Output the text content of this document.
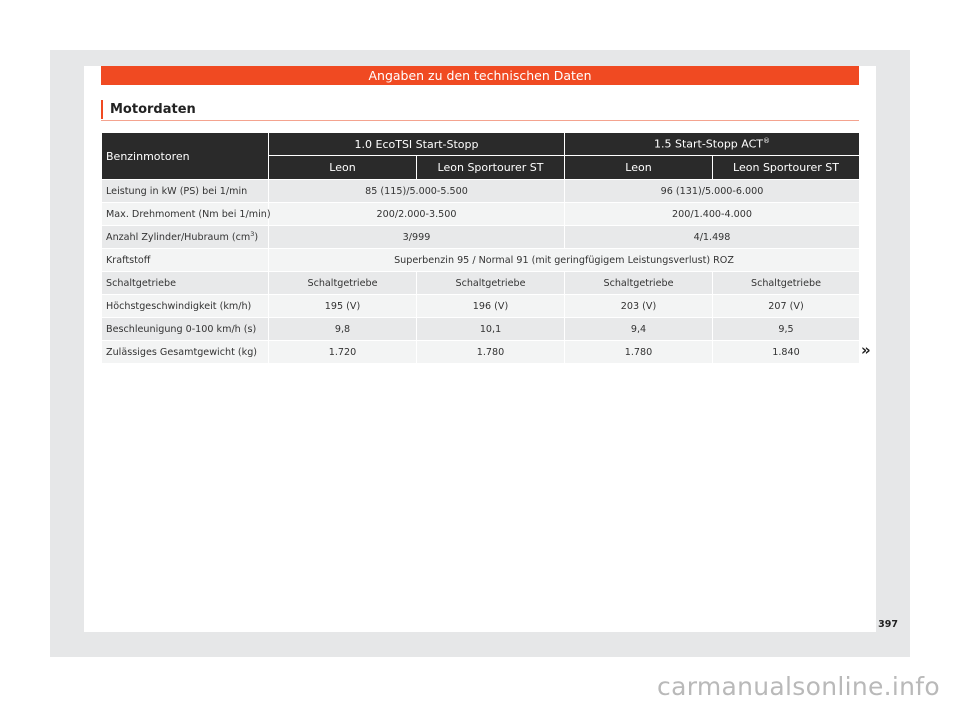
Angaben zu den technischen Daten
Motordaten
Benzinmotoren	1.0 EcoTSI Start-Stopp		1.5 Start-Stopp ACT®
	Leon	Leon Sportourer ST	Leon	Leon Sportourer ST
Leistung in kW (PS) bei 1/min	85 (115)/5.000-5.500		96 (131)/5.000-6.000	
Max. Drehmoment (Nm bei 1/min)	200/2.000-3.500		200/1.400-4.000	
Anzahl Zylinder/Hubraum $(cm^3)$	3/999		4/1.498	
Kraftstoff	Superbenzin 95 / Normal 91 (mit geringfügigem Leistungsverlust) ROZ			
Schaltgetriebe	Schaltgetriebe	Schaltgetriebe	Schaltgetriebe	Schaltgetriebe
Höchstgeschwindigkeit (km/h)	195 (V)	196 (V)	203 (V)	207 (V)
Beschleunigung 0-100 km/h (s)	9,8	10,1	9,4	9,5
Zulässiges Gesamtgewicht (kg)	1.720	1.780	1.780	1.840	»
397
carmanualsonline.info
